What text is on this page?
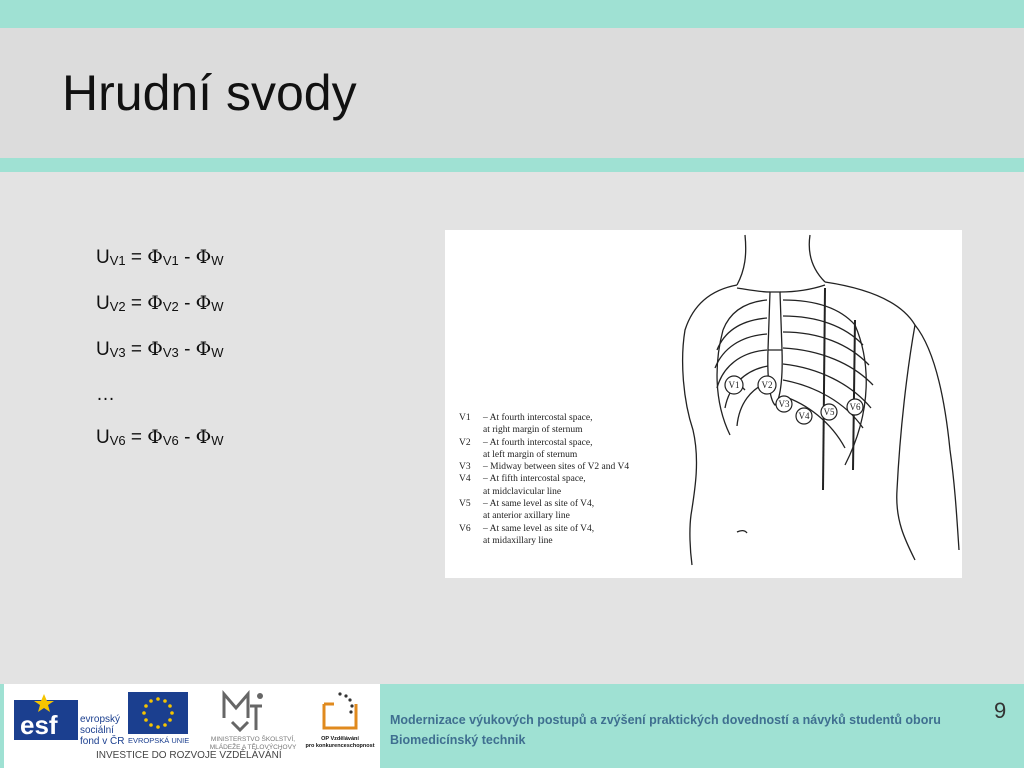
Hrudní svody
$U_{V1} = \Phi_{V1} - \Phi_W$
$U_{V2} = \Phi_{V2} - \Phi_W$
$U_{V3} = \Phi_{V3} - \Phi_W$
…
$U_{V6} = \Phi_{V6} - \Phi_W$
V1 V2
V3
V4 V5 V6
V1 – At fourth intercostal space,
at right margin of sternum
V2 – At fourth intercostal space,
at left margin of sternum
V3 – Midway between sites of V2 and V4
V4 – At fifth intercostal space,
at midclavicular line
V5 – At same level as site of V4,
at anterior axillary line
V6 – At same level as site of V4,
at midaxillary line
esf evropský
sociální
fond v ČR EVROPSKÁ UNIE	MINISTERSTVO ŠKOLSTVÍ,
MLÁDEŽE A TĚLOVÝCHOVY
OP Vzdělávání
pro konkurenceschopnost
INVESTICE DO ROZVOJE VZDĚLÁVÁNÍ
Modernizace výukových postupů a zvýšení praktických dovedností a návyků studentů oboru Biomedicínský technik
9
